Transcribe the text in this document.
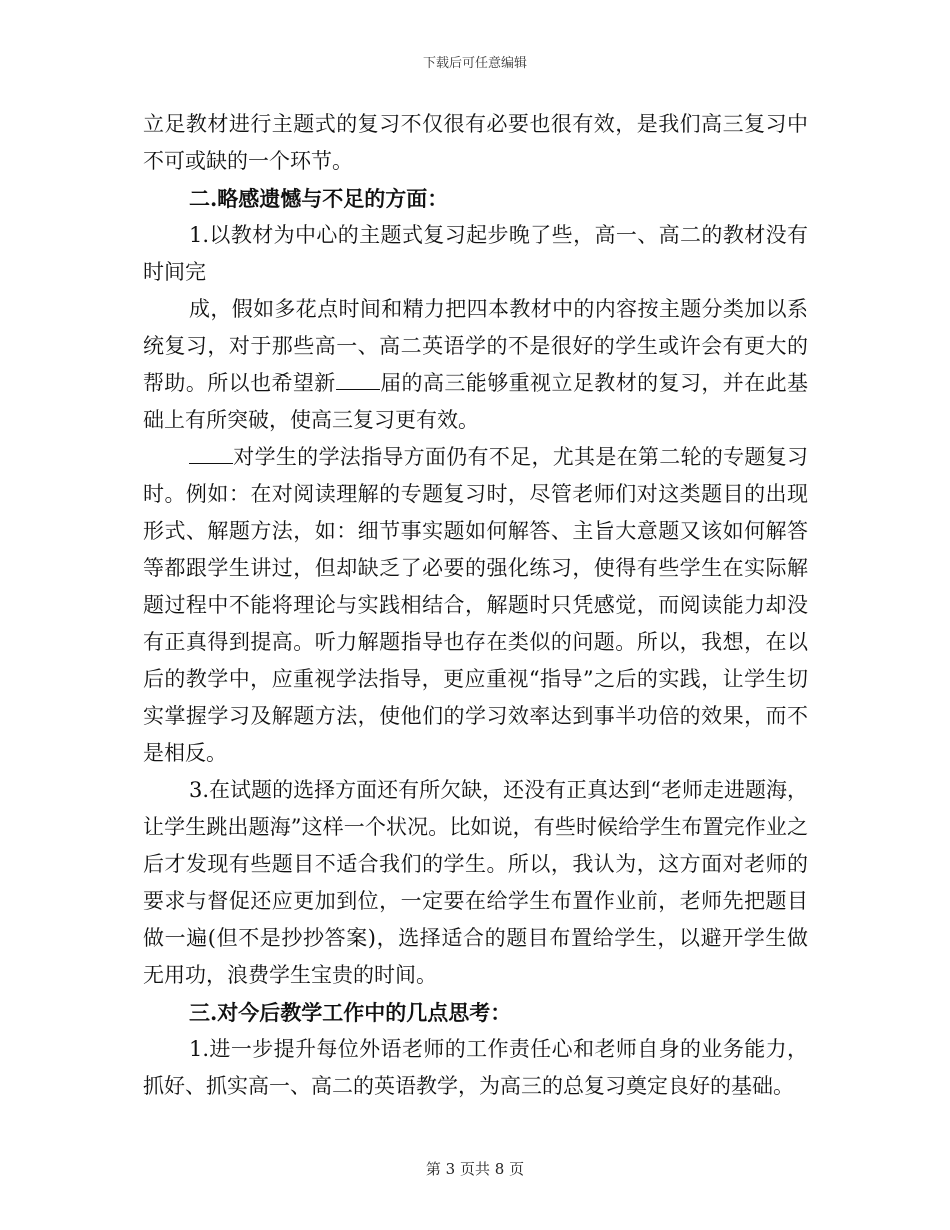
下载后可任意编辑

立足教材进行主题式的复习不仅很有必要也很有效，是我们高三复习中不可或缺的一个环节。

二.略感遗憾与不足的方面：

1.以教材为中心的主题式复习起步晚了些，高一、高二的教材没有时间完

成，假如多花点时间和精力把四本教材中的内容按主题分类加以系统复习，对于那些高一、高二英语学的不是很好的学生或许会有更大的帮助。所以也希望新 届的高三能够重视立足教材的复习，并在此基础上有所突破，使高三复习更有效。

对学生的学法指导方面仍有不足，尤其是在第二轮的专题复习时。例如：在对阅读理解的专题复习时，尽管老师们对这类题目的出现形式、解题方法，如：细节事实题如何解答、主旨大意题又该如何解答等都跟学生讲过，但却缺乏了必要的强化练习，使得有些学生在实际解题过程中不能将理论与实践相结合，解题时只凭感觉，而阅读能力却没有正真得到提高。听力解题指导也存在类似的问题。所以，我想，在以后的教学中，应重视学法指导，更应重视“指导”之后的实践，让学生切实掌握学习及解题方法，使他们的学习效率达到事半功倍的效果，而不是相反。

3.在试题的选择方面还有所欠缺，还没有正真达到“老师走进题海，让学生跳出题海”这样一个状况。比如说，有些时候给学生布置完作业之后才发现有些题目不适合我们的学生。所以，我认为，这方面对老师的要求与督促还应更加到位，一定要在给学生布置作业前，老师先把题目做一遍(但不是抄抄答案)，选择适合的题目布置给学生，以避开学生做无用功，浪费学生宝贵的时间。

三.对今后教学工作中的几点思考：

1.进一步提升每位外语老师的工作责任心和老师自身的业务能力，抓好、抓实高一、高二的英语教学，为高三的总复习奠定良好的基础。

第 3 页共 8 页
